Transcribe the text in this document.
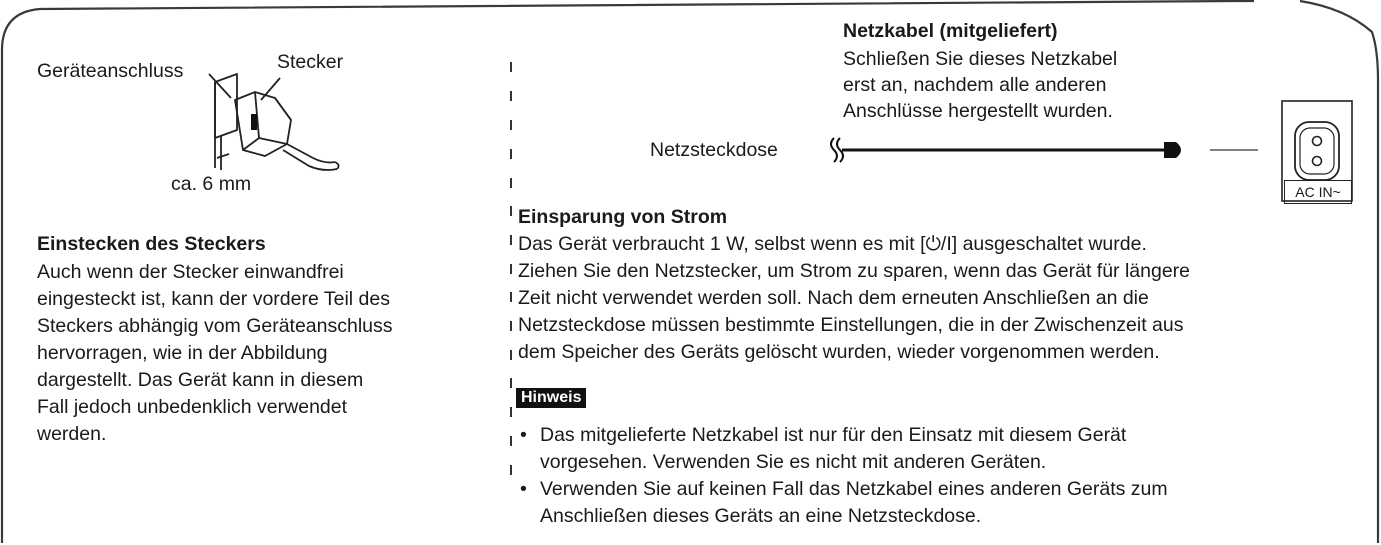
Geräteanschluss	Stecker
ca. 6 mm
Einstecken des Steckers
Auch wenn der Stecker einwandfrei
eingesteckt ist, kann der vordere Teil des
Steckers abhängig vom Geräteanschluss
hervorragen, wie in der Abbildung
dargestellt. Das Gerät kann in diesem
Fall jedoch unbedenklich verwendet
werden.
Netzkabel (mitgeliefert)
Schließen Sie dieses Netzkabel
erst an, nachdem alle anderen
Anschlüsse hergestellt wurden.
Netzsteckdose
AC IN~
Einsparung von Strom
Das Gerät verbraucht 1 W, selbst wenn es mit [⏻/I] ausgeschaltet wurde.
Ziehen Sie den Netzstecker, um Strom zu sparen, wenn das Gerät für längere
Zeit nicht verwendet werden soll. Nach dem erneuten Anschließen an die
Netzsteckdose müssen bestimmte Einstellungen, die in der Zwischenzeit aus
dem Speicher des Geräts gelöscht wurden, wieder vorgenommen werden.
Hinweis
• Das mitgelieferte Netzkabel ist nur für den Einsatz mit diesem Gerät
vorgesehen. Verwenden Sie es nicht mit anderen Geräten.
• Verwenden Sie auf keinen Fall das Netzkabel eines anderen Geräts zum
Anschließen dieses Geräts an eine Netzsteckdose.
